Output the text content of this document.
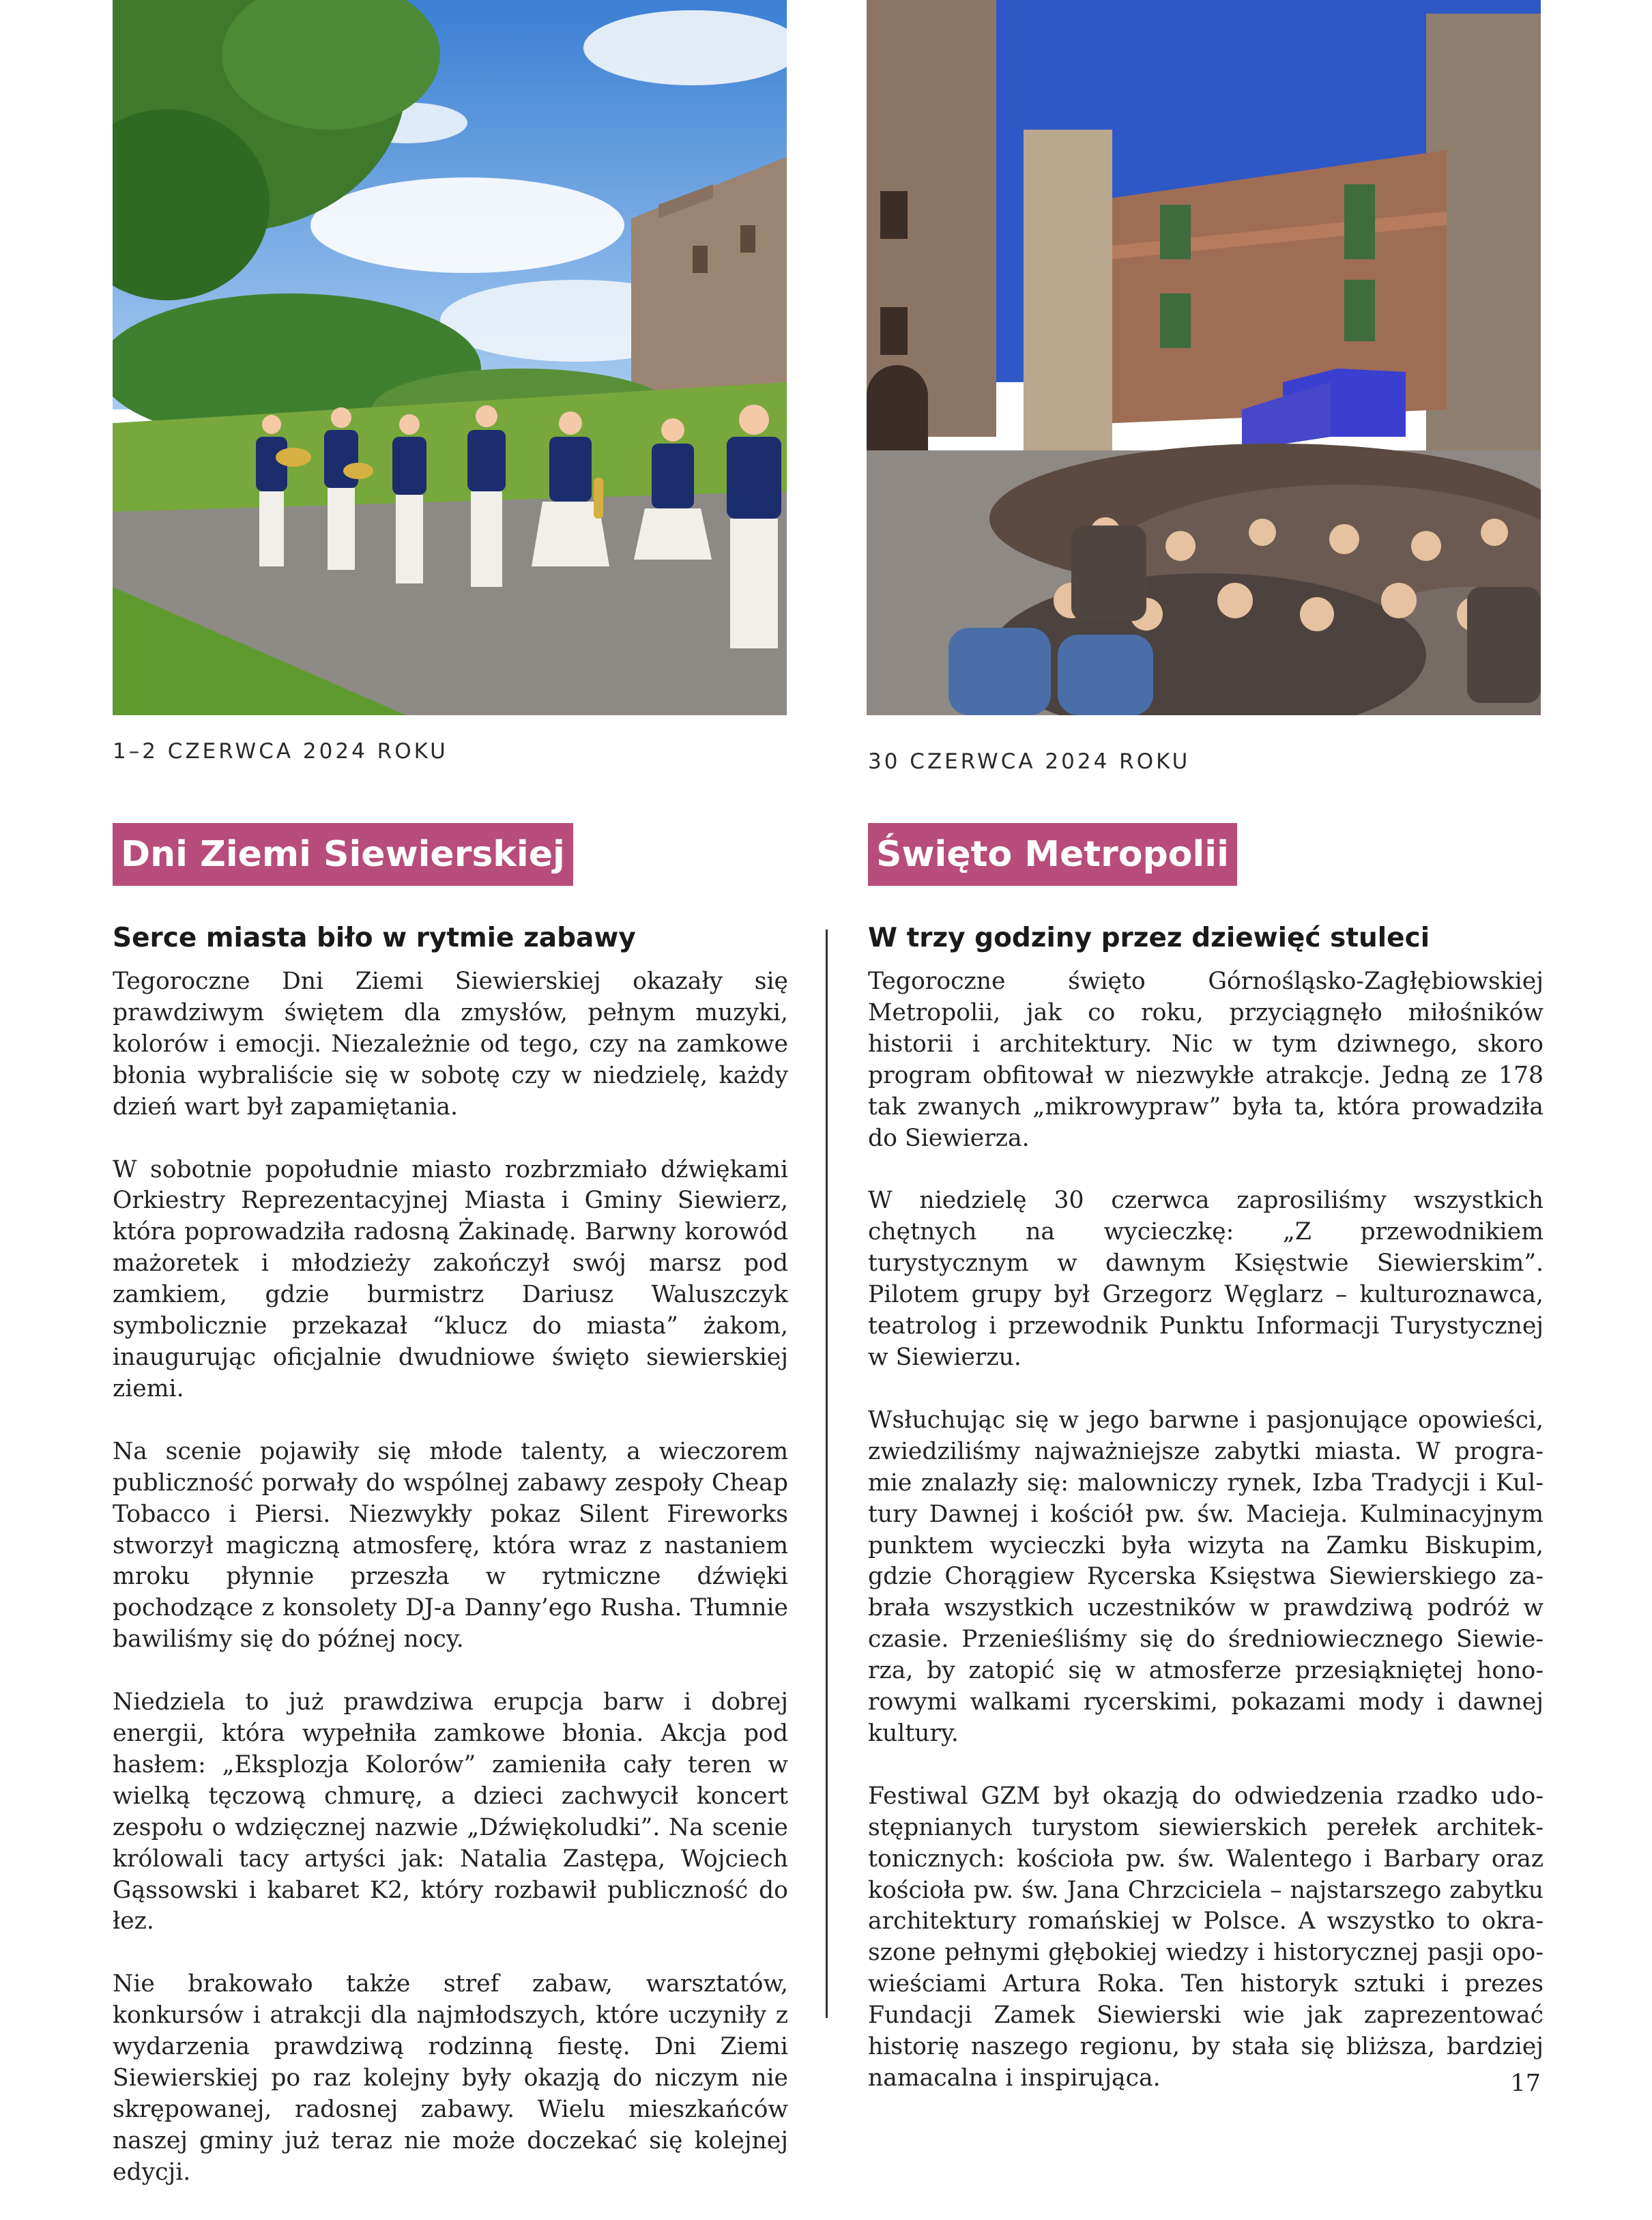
1–2 CZERWCA 2024 ROKU	30 CZERWCA 2024 ROKU
Dni Ziemi Siewierskiej	Święto Metropolii
Serce miasta biło w rytmie zabawy	W trzy godziny przez dziewięć stuleci

Tegoroczne Dni Ziemi Siewierskiej okazały się prawdziwym świętem dla zmysłów, pełnym muzyki, kolorów i emocji. Niezależnie od tego, czy na zamkowe błonia wybraliście się w sobotę czy w niedzielę, każdy dzień wart był zapamiętania.

W sobotnie popołudnie miasto rozbrzmiało dźwiękami Orkiestry Reprezentacyjnej Miasta i Gminy Siewierz, która poprowadziła radosną Żakinadę. Barwny korowód mażoretek i młodzieży zakończył swój marsz pod zamkiem, gdzie burmistrz Dariusz Waluszczyk symbolicznie przekazał “klucz do miasta” żakom, inaugurując oficjalnie dwudniowe święto siewierskiej ziemi.

Na scenie pojawiły się młode talenty, a wieczorem publiczność porwały do wspólnej zabawy zespoły Cheap Tobacco i Piersi. Niezwykły pokaz Silent Fireworks stworzył magiczną atmosferę, która wraz z nastaniem mroku płynnie przeszła w rytmiczne dźwięki pochodzące z konsolety DJ-a Danny’ego Rusha. Tłumnie bawiliśmy się do późnej nocy.

Niedziela to już prawdziwa erupcja barw i dobrej energii, która wypełniła zamkowe błonia. Akcja pod hasłem: „Eksplozja Kolorów” zamieniła cały teren w wielką tęczową chmurę, a dzieci zachwycił koncert zespołu o wdzięcznej nazwie „Dźwiękoludki”. Na scenie królowali tacy artyści jak: Natalia Zastępa, Wojciech Gąssowski i kabaret K2, który rozbawił publiczność do łez.

Nie brakowało także stref zabaw, warsztatów, konkursów i atrakcji dla najmłodszych, które uczyniły z wydarzenia prawdziwą rodzinną fiestę. Dni Ziemi Siewierskiej po raz kolejny były okazją do niczym nie skrępowanej, radosnej zabawy. Wielu mieszkańców naszej gminy już teraz nie może doczekać się kolejnej edycji.

Tegoroczne święto Górnośląsko-Zagłębiowskiej Metropolii, jak co roku, przyciągnęło miłośników historii i architektury. Nic w tym dziwnego, skoro program obfitował w niezwykłe atrakcje. Jedną ze 178 tak zwanych „mikrowypraw” była ta, która prowadziła do Siewierza.

W niedzielę 30 czerwca zaprosiliśmy wszystkich chętnych na wycieczkę: „Z przewodnikiem turystycznym w dawnym Księstwie Siewierskim”. Pilotem grupy był Grzegorz Węglarz – kulturoznawca, teatrolog i przewodnik Punktu Informacji Turystycznej w Siewierzu.

Wsłuchując się w jego barwne i pasjonujące opowieści, zwiedziliśmy najważniejsze zabytki miasta. W programie znalazły się: malowniczy rynek, Izba Tradycji i Kultury Dawnej i kościół pw. św. Macieja. Kulminacyjnym punktem wycieczki była wizyta na Zamku Biskupim, gdzie Chorągiew Rycerska Księstwa Siewierskiego zabrała wszystkich uczestników w prawdziwą podróż w czasie. Przenieśliśmy się do średniowiecznego Siewierza, by zatopić się w atmosferze przesiąkniętej honorowymi walkami rycerskimi, pokazami mody i dawnej kultury.

Festiwal GZM był okazją do odwiedzenia rzadko udostępnianych turystom siewierskich perełek architektonicznych: kościoła pw. św. Walentego i Barbary oraz kościoła pw. św. Jana Chrzciciela – najstarszego zabytku architektury romańskiej w Polsce. A wszystko to okraszone pełnymi głębokiej wiedzy i historycznej pasji opowieściami Artura Roka. Ten historyk sztuki i prezes Fundacji Zamek Siewierski wie jak zaprezentować historię naszego regionu, by stała się bliższa, bardziej namacalna i inspirująca.	17
